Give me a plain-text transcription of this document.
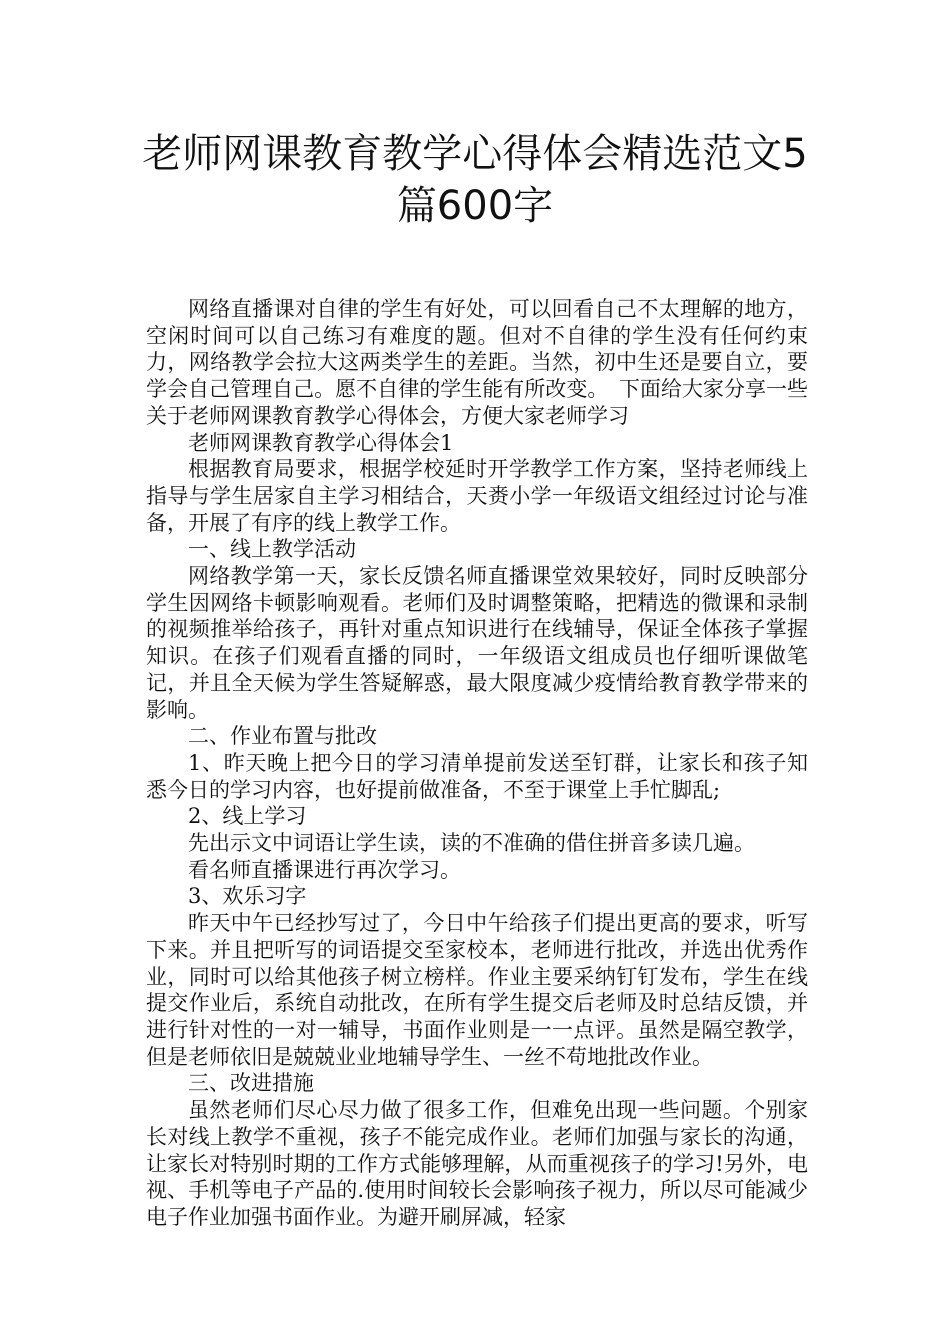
老师网课教育教学心得体会精选范文5篇600字

网络直播课对自律的学生有好处，可以回看自己不太理解的地方，空闲时间可以自己练习有难度的题。但对不自律的学生没有任何约束力，网络教学会拉大这两类学生的差距。当然，初中生还是要自立，要学会自己管理自己。愿不自律的学生能有所改变。　下面给大家分享一些关于老师网课教育教学心得体会，方便大家老师学习

老师网课教育教学心得体会1

根据教育局要求，根据学校延时开学教学工作方案，坚持老师线上指导与学生居家自主学习相结合，天赉小学一年级语文组经过讨论与准备，开展了有序的线上教学工作。

一、线上教学活动

网络教学第一天，家长反馈名师直播课堂效果较好，同时反映部分学生因网络卡顿影响观看。老师们及时调整策略，把精选的微课和录制的视频推举给孩子，再针对重点知识进行在线辅导，保证全体孩子掌握知识。在孩子们观看直播的同时，一年级语文组成员也仔细听课做笔记，并且全天候为学生答疑解惑，最大限度减少疫情给教育教学带来的影响。

二、作业布置与批改

1、昨天晚上把今日的学习清单提前发送至钉群，让家长和孩子知悉今日的学习内容，也好提前做准备，不至于课堂上手忙脚乱;

2、线上学习

先出示文中词语让学生读，读的不准确的借住拼音多读几遍。

看名师直播课进行再次学习。

3、欢乐习字

昨天中午已经抄写过了，今日中午给孩子们提出更高的要求，听写下来。并且把听写的词语提交至家校本，老师进行批改，并选出优秀作业，同时可以给其他孩子树立榜样。作业主要采纳钉钉发布，学生在线提交作业后，系统自动批改，在所有学生提交后老师及时总结反馈，并进行针对性的一对一辅导，书面作业则是一一点评。虽然是隔空教学，但是老师依旧是兢兢业业地辅导学生、一丝不苟地批改作业。

三、改进措施

虽然老师们尽心尽力做了很多工作，但难免出现一些问题。个别家长对线上教学不重视，孩子不能完成作业。老师们加强与家长的沟通，让家长对特别时期的工作方式能够理解，从而重视孩子的学习!另外，电视、手机等电子产品的.使用时间较长会影响孩子视力，所以尽可能减少电子作业加强书面作业。为避开刷屏减，轻家
